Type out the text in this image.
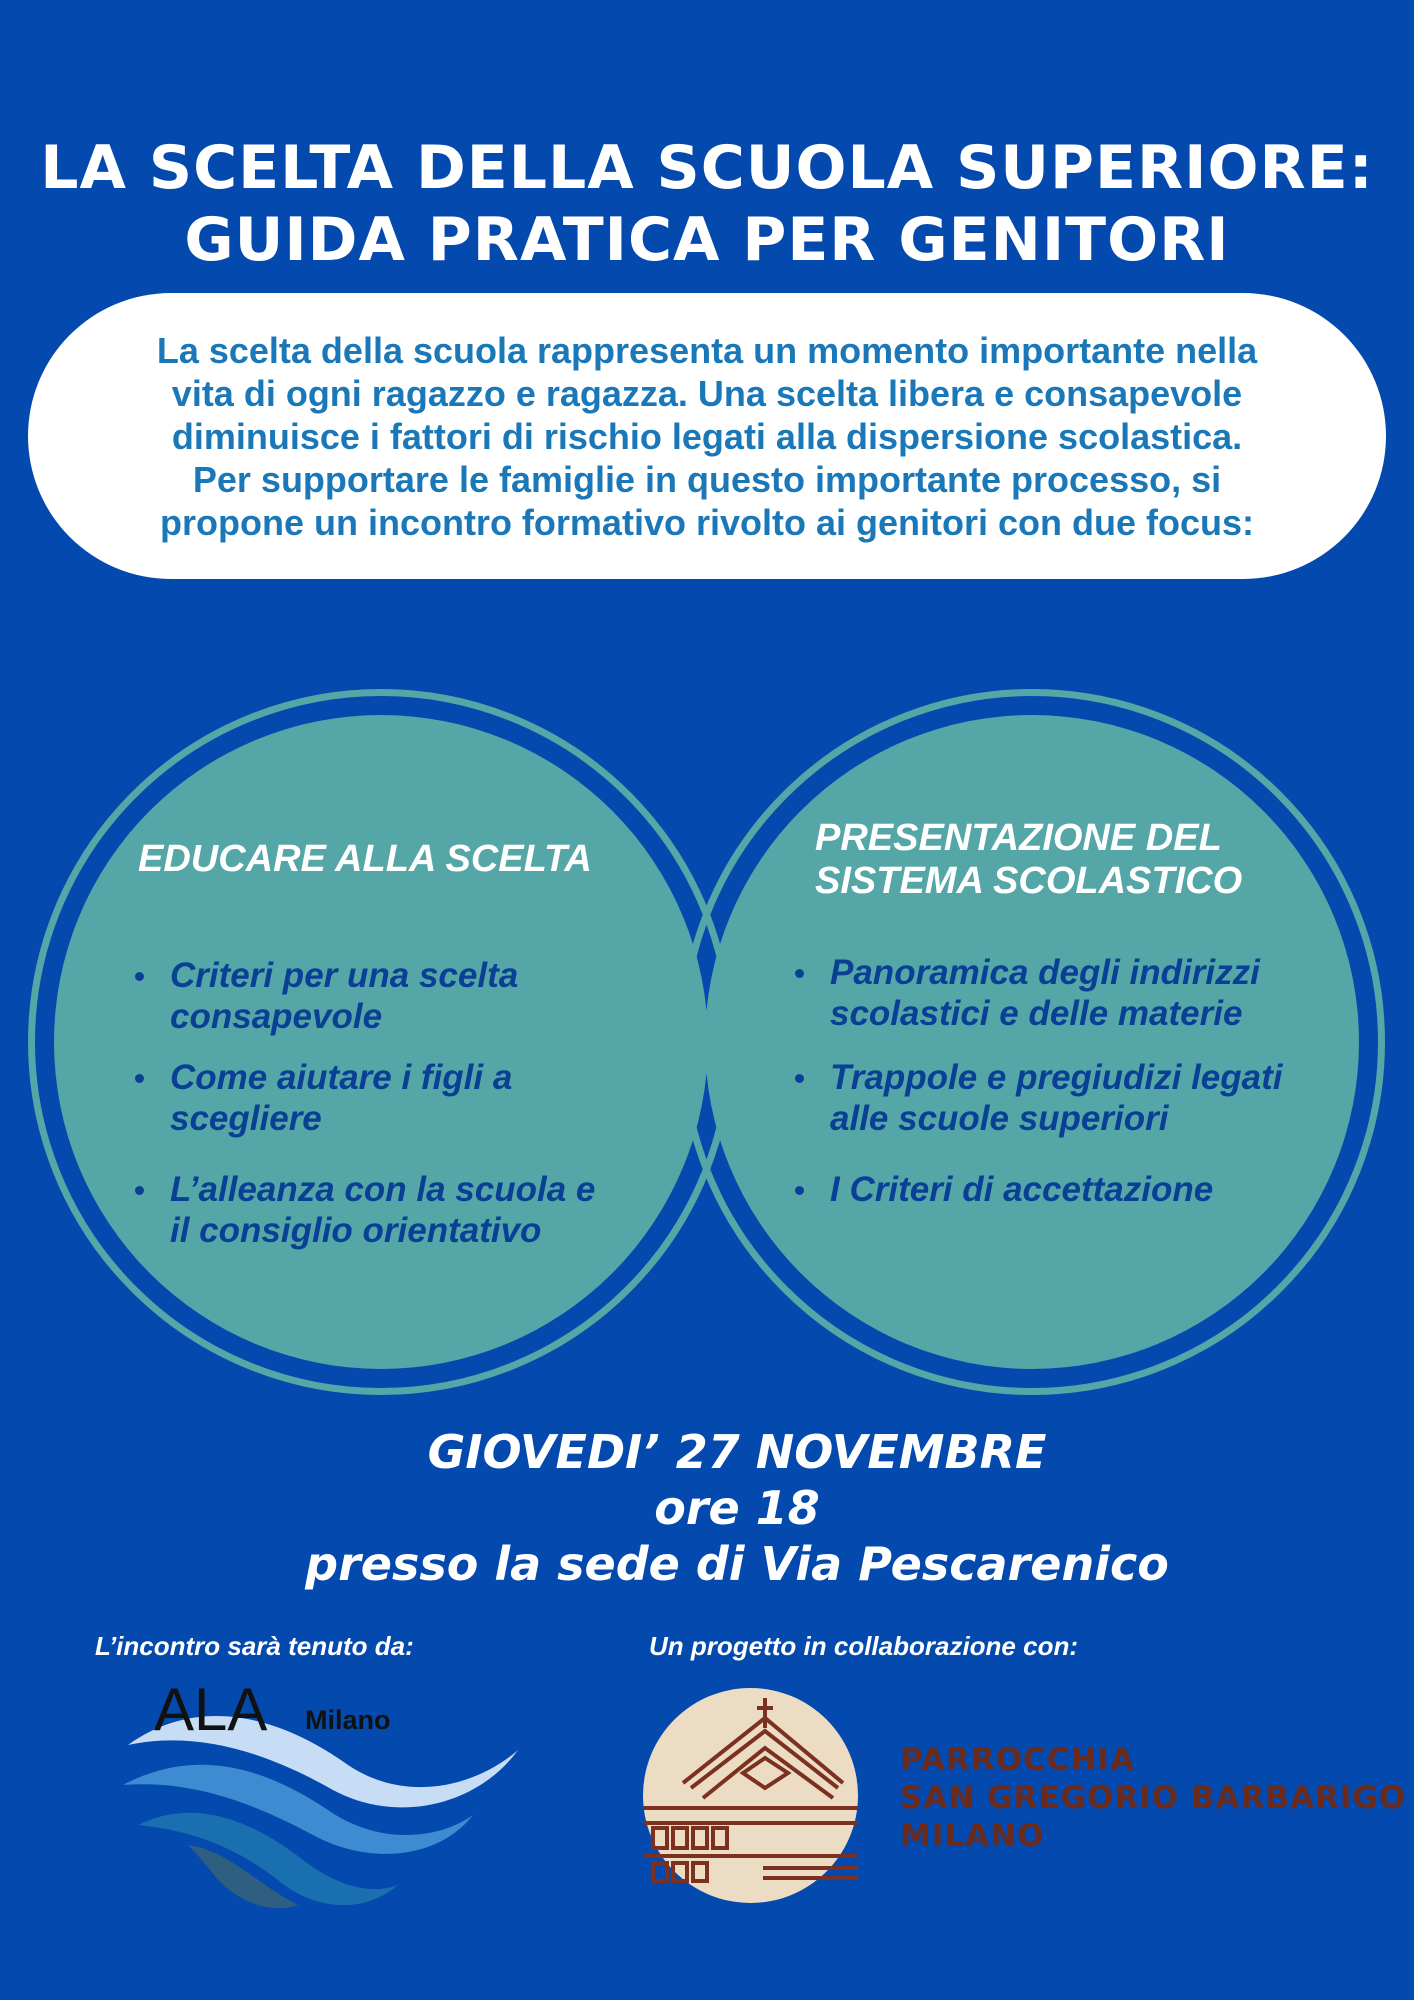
LA SCELTA DELLA SCUOLA SUPERIORE:
GUIDA PRATICA PER GENITORI

La scelta della scuola rappresenta un momento importante nella
vita di ogni ragazzo e ragazza. Una scelta libera e consapevole
diminuisce i fattori di rischio legati alla dispersione scolastica.
Per supportare le famiglie in questo importante processo, si
propone un incontro formativo rivolto ai genitori con due focus:

EDUCARE ALLA SCELTA
Criteri per una scelta
consapevole
Come aiutare i figli a
scegliere
L’alleanza con la scuola e
il consiglio orientativo
PRESENTAZIONE DEL
SISTEMA SCOLASTICO
Panoramica degli indirizzi
scolastici e delle materie
Trappole e pregiudizi legati
alle scuole superiori
I Criteri di accettazione
GIOVEDI’ 27 NOVEMBRE
ore 18
presso la sede di Via Pescarenico
L’incontro sarà tenuto da:	Un progetto in collaborazione con:
ALA Milano
PARROCCHIA
SAN GREGORIO BARBARIGO
MILANO
